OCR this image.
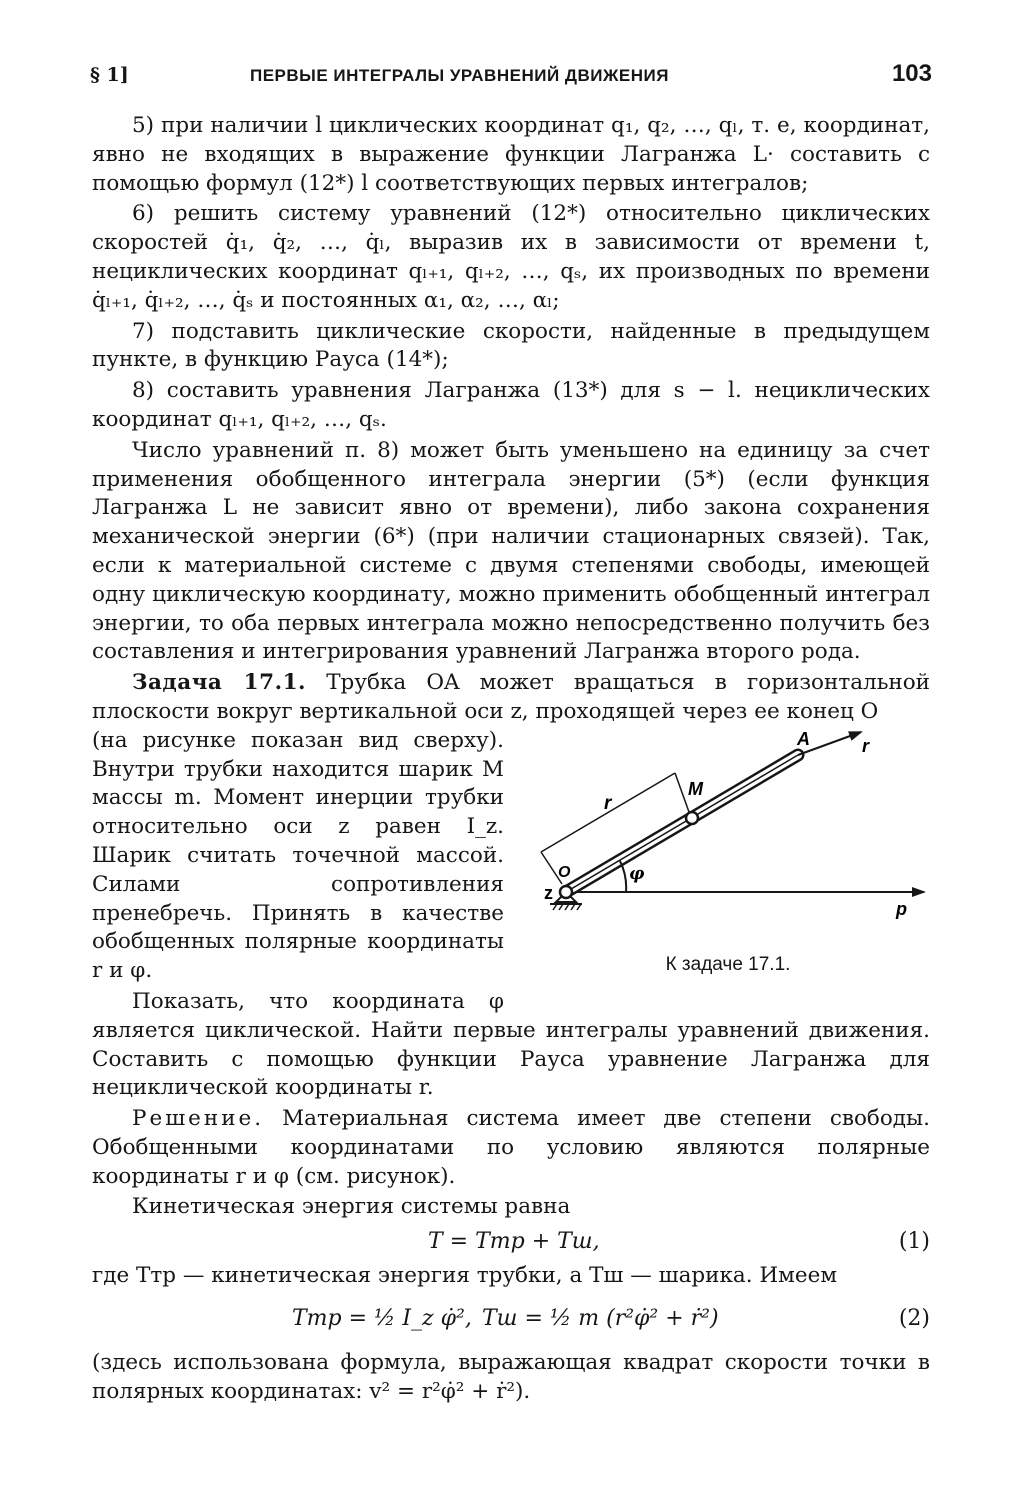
§ 1]	ПЕРВЫЕ ИНТЕГРАЛЫ УРАВНЕНИЙ ДВИЖЕНИЯ	103

5) при наличии l циклических координат q₁, q₂, …, qₗ, т. е, координат, явно не входящих в выражение функции Лагранжа L· составить с помощью формул (12*) l соответствующих первых интегралов;

6) решить систему уравнений (12*) относительно циклических скоростей q̇₁, q̇₂, …, q̇ₗ, выразив их в зависимости от времени t, нециклических координат qₗ₊₁, qₗ₊₂, …, qₛ, их производных по времени q̇ₗ₊₁, q̇ₗ₊₂, …, q̇ₛ и постоянных α₁, α₂, …, αₗ;

7) подставить циклические скорости, найденные в предыдущем пункте, в функцию Рауса (14*);

8) составить уравнения Лагранжа (13*) для s − l. нециклических координат qₗ₊₁, qₗ₊₂, …, qₛ.

Число уравнений п. 8) может быть уменьшено на единицу за счет применения обобщенного интеграла энергии (5*) (если функция Лагранжа L не зависит явно от времени), либо закона сохранения механической энергии (6*) (при наличии стационарных связей). Так, если к материальной системе с двумя степенями свободы, имеющей одну циклическую координату, можно применить обобщенный интеграл энергии, то оба первых интеграла можно непосредственно получить без составления и интегрирования уравнений Лагранжа второго рода.

Задача 17.1. Трубка OA может вращаться в горизонтальной плоскости вокруг вертикальной оси z, проходящей через ее конец O

A	r
M
r
O	φ
z
p
К задаче 17.1.

(на рисунке показан вид сверху). Внутри трубки находится шарик M массы m. Момент инерции трубки относительно оси z равен I_z. Шарик считать точечной массой. Силами сопротивления пренебречь. Принять в качестве обобщенных полярные координаты r и φ.

Показать, что координата φ является циклической. Найти первые интегралы уравнений движения. Составить с помощью функции Рауса уравнение Лагранжа для нециклической координаты r.

Решение. Материальная система имеет две степени свободы. Обобщенными координатами по условию являются полярные координаты r и φ (см. рисунок).

Кинетическая энергия системы равна

T = Tтр + Tш,	(1)

где Tтр — кинетическая энергия трубки, а Tш — шарика. Имеем

Tтр = ½ I_z φ̇², Tш = ½ m (r²φ̇² + ṙ²)	(2)

(здесь использована формула, выражающая квадрат скорости точки в полярных координатах: v² = r²φ̇² + ṙ²).
